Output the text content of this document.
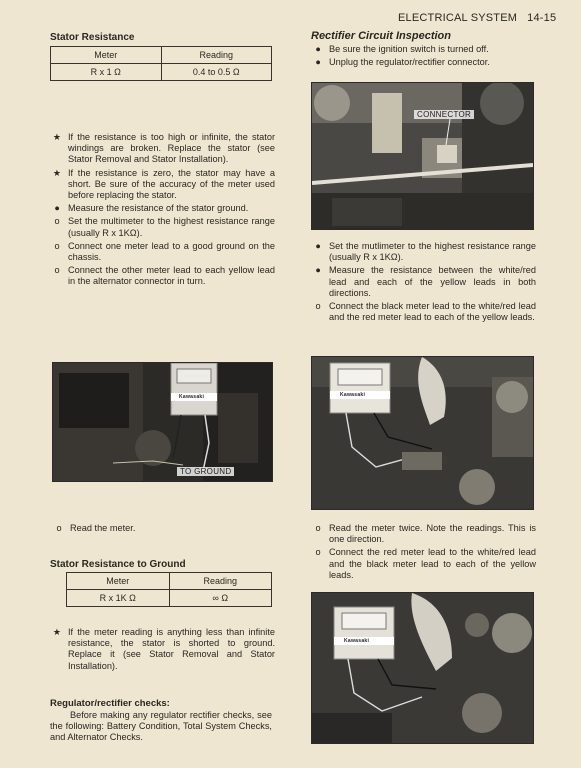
ELECTRICAL SYSTEM 14-15
Stator Resistance
Meter	Reading
R x 1 Ω	0.4 to 0.5 Ω
★ If the resistance is too high or infinite, the stator windings are broken. Replace the stator (see Stator Removal and Stator Installation).
★ If the resistance is zero, the stator may have a short. Be sure of the accuracy of the meter used before replacing the stator.
● Measure the resistance of the stator ground.
o Set the multimeter to the highest resistance range (usually R x 1KΩ).
o Connect one meter lead to a good ground on the chassis.
o Connect the other meter lead to each yellow lead in the alternator connector in turn.
Kawasaki
TO GROUND
o Read the meter.
Stator Resistance to Ground
Meter	Reading
R x 1K Ω	∞ Ω
★ If the meter reading is anything less than infinite resistance, the stator is shorted to ground. Replace it (see Stator Removal and Stator Installation).
Regulator/rectifier checks:
Before making any regulator rectifier checks, see the following: Battery Condition, Total System Checks, and Alternator Checks.
Rectifier Circuit Inspection
● Be sure the ignition switch is turned off.
● Unplug the regulator/rectifier connector.
CONNECTOR
● Set the mutlimeter to the highest resistance range (usually R x 1KΩ).
● Measure the resistance between the white/red lead and each of the yellow leads in both directions.
o Connect the black meter lead to the white/red lead and the red meter lead to each of the yellow leads.
Kawasaki
o Read the meter twice. Note the readings. This is one direction.
o Connect the red meter lead to the white/red lead and the black meter lead to each of the yellow leads.
Kawasaki
